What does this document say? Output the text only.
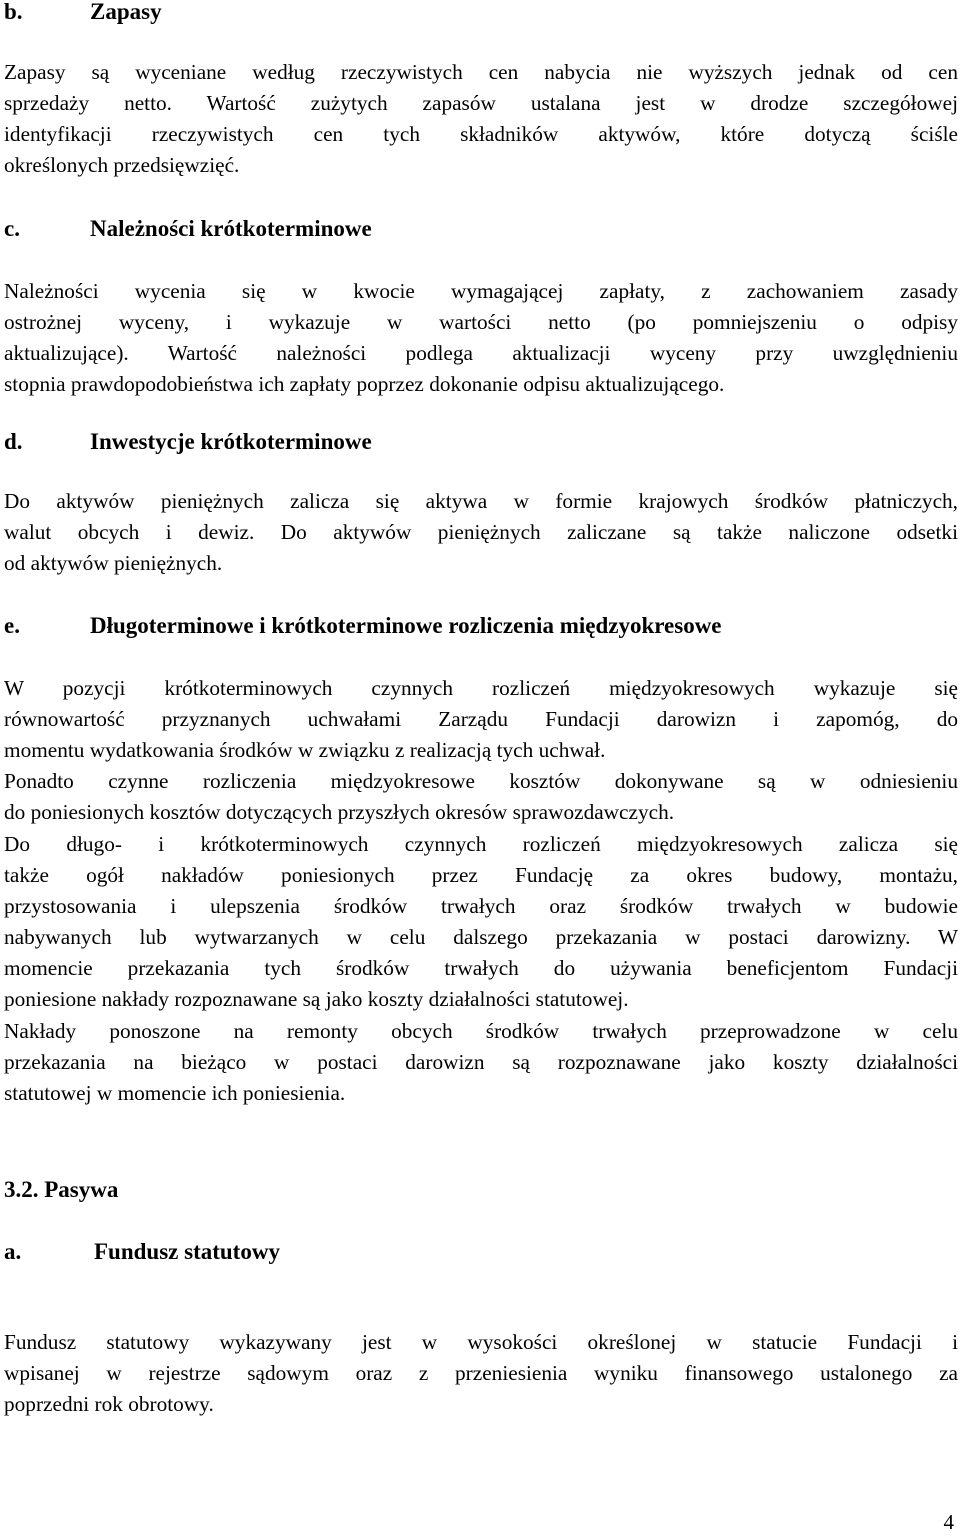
b.	Zapasy
Zapasy są wyceniane według rzeczywistych cen nabycia nie wyższych jednak od cen
sprzedaży netto. Wartość zużytych zapasów ustalana jest w drodze szczegółowej
identyfikacji rzeczywistych cen tych składników aktywów, które dotyczą ściśle
określonych przedsięwzięć.
c.	Należności krótkoterminowe
Należności wycenia się w kwocie wymagającej zapłaty, z zachowaniem zasady
ostrożnej wyceny, i wykazuje w wartości netto (po pomniejszeniu o odpisy
aktualizujące). Wartość należności podlega aktualizacji wyceny przy uwzględnieniu
stopnia prawdopodobieństwa ich zapłaty poprzez dokonanie odpisu aktualizującego.
d.	Inwestycje krótkoterminowe
Do aktywów pieniężnych zalicza się aktywa w formie krajowych środków płatniczych,
walut obcych i dewiz. Do aktywów pieniężnych zaliczane są także naliczone odsetki
od aktywów pieniężnych.
e.	Długoterminowe i krótkoterminowe rozliczenia międzyokresowe
W pozycji krótkoterminowych czynnych rozliczeń międzyokresowych wykazuje się
równowartość przyznanych uchwałami Zarządu Fundacji darowizn i zapomóg, do
momentu wydatkowania środków w związku z realizacją tych uchwał.
Ponadto czynne rozliczenia międzyokresowe kosztów dokonywane są w odniesieniu
do poniesionych kosztów dotyczących przyszłych okresów sprawozdawczych.
Do długo- i krótkoterminowych czynnych rozliczeń międzyokresowych zalicza się
także ogół nakładów poniesionych przez Fundację za okres budowy, montażu,
przystosowania i ulepszenia środków trwałych oraz środków trwałych w budowie
nabywanych lub wytwarzanych w celu dalszego przekazania w postaci darowizny. W
momencie przekazania tych środków trwałych do używania beneficjentom Fundacji
poniesione nakłady rozpoznawane są jako koszty działalności statutowej.
Nakłady ponoszone na remonty obcych środków trwałych przeprowadzone w celu
przekazania na bieżąco w postaci darowizn są rozpoznawane jako koszty działalności
statutowej w momencie ich poniesienia.
3.2. Pasywa
a.	Fundusz statutowy
Fundusz statutowy wykazywany jest w wysokości określonej w statucie Fundacji i
wpisanej w rejestrze sądowym oraz z przeniesienia wyniku finansowego ustalonego za
poprzedni rok obrotowy.
4
